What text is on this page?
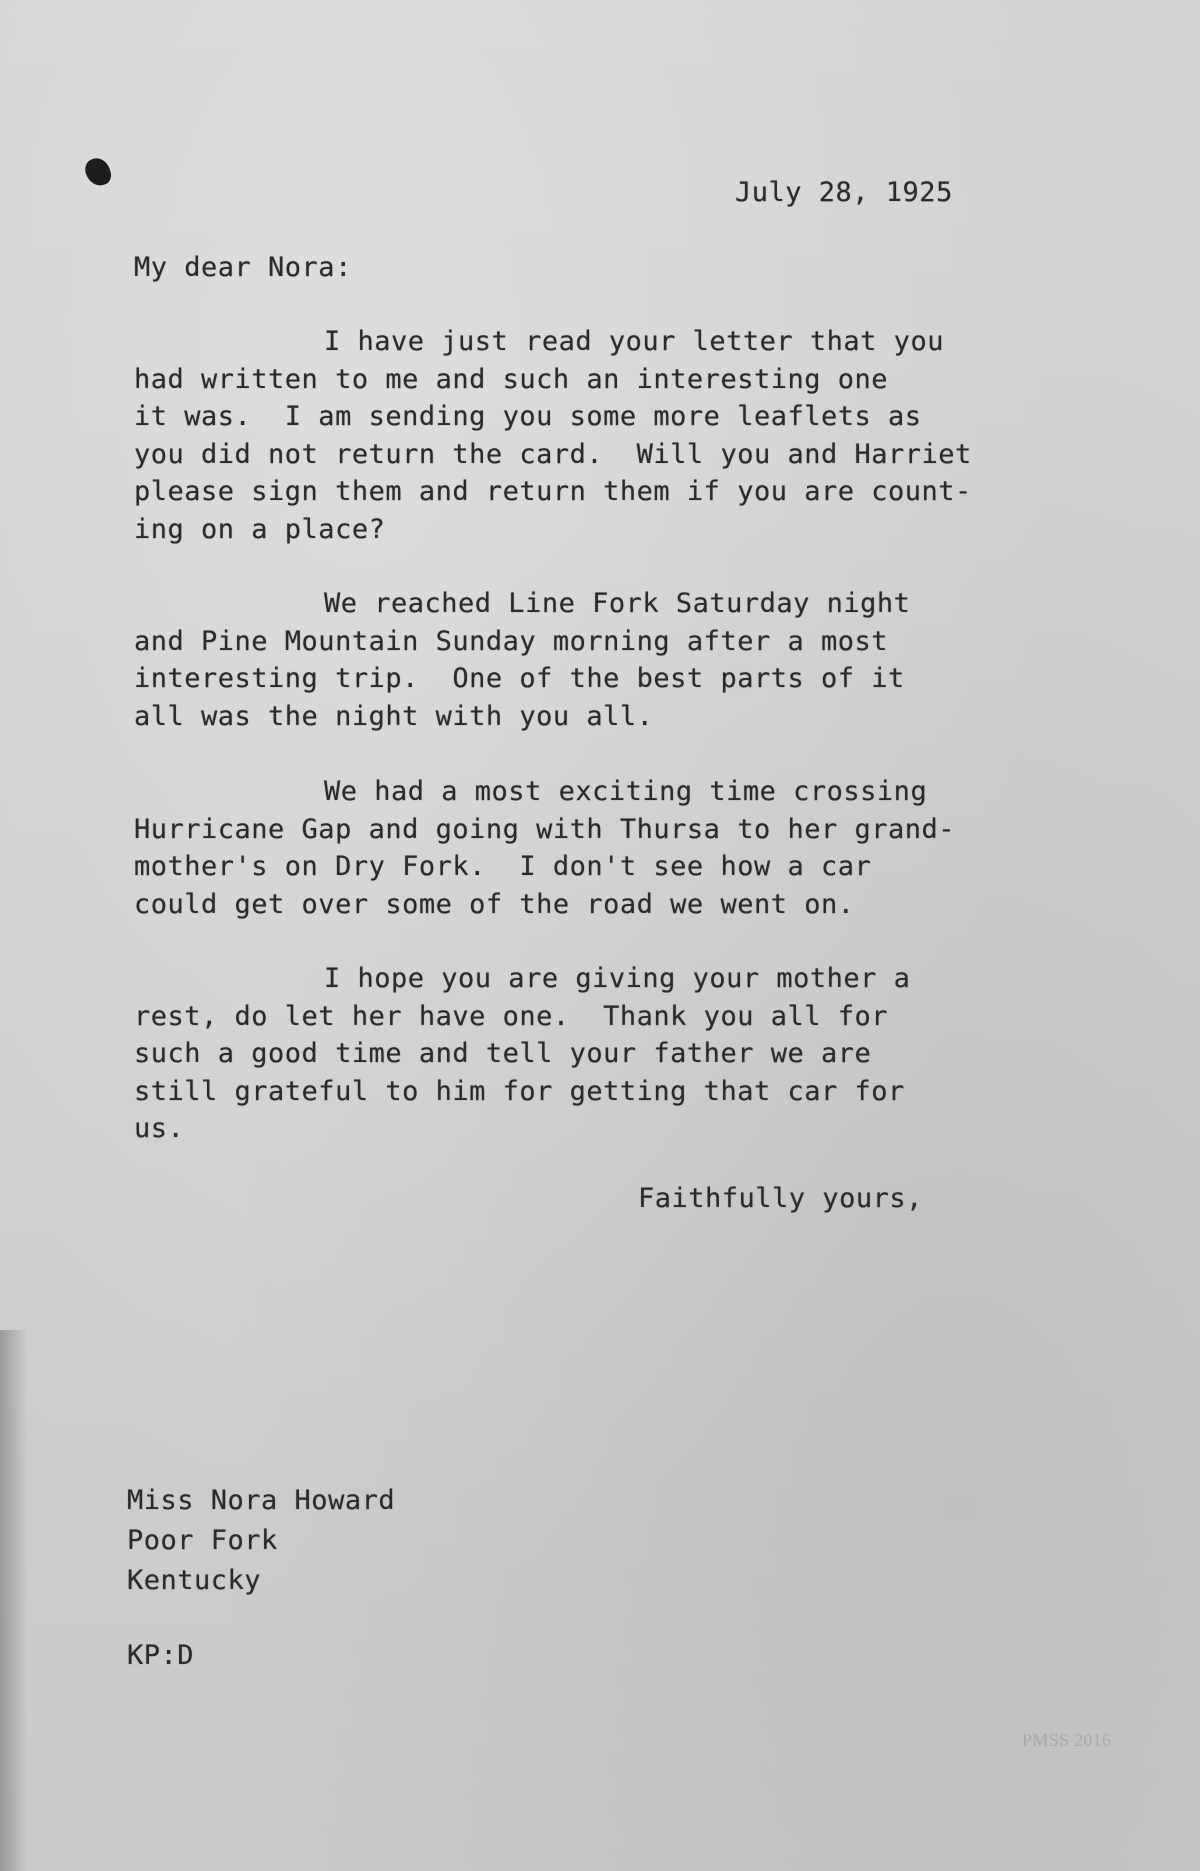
July 28, 1925
My dear Nora:
I have just read your letter that you
had written to me and such an interesting one
it was.  I am sending you some more leaflets as
you did not return the card.  Will you and Harriet
please sign them and return them if you are count-
ing on a place?
We reached Line Fork Saturday night
and Pine Mountain Sunday morning after a most
interesting trip.  One of the best parts of it
all was the night with you all.
We had a most exciting time crossing
Hurricane Gap and going with Thursa to her grand-
mother's on Dry Fork.  I don't see how a car
could get over some of the road we went on.
I hope you are giving your mother a
rest, do let her have one.  Thank you all for
such a good time and tell your father we are
still grateful to him for getting that car for
us.
Faithfully yours,
Miss Nora Howard
Poor Fork
Kentucky
KP:D
PMSS 2016
